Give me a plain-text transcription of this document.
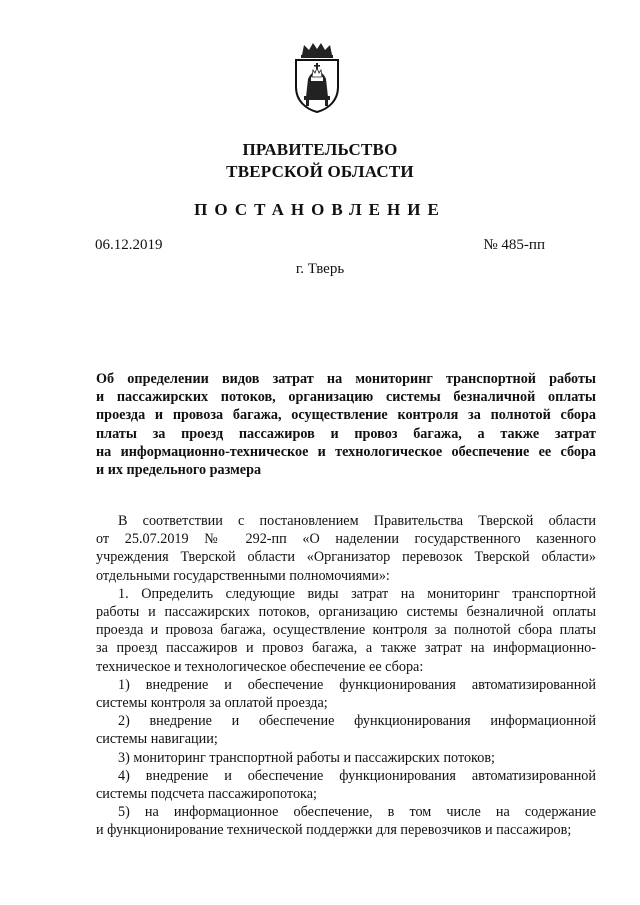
ПРАВИТЕЛЬСТВО
ТВЕРСКОЙ ОБЛАСТИ
ПОСТАНОВЛЕНИЕ
06.12.2019	№ 485-пп
г. Тверь
Об определении видов затрат на мониторинг транспортной работы
и пассажирских потоков, организацию системы безналичной оплаты
проезда и провоза багажа, осуществление контроля за полнотой сбора
платы за проезд пассажиров и провоз багажа, а также затрат
на информационно-техническое и технологическое обеспечение ее сбора
и их предельного размера
В соответствии с постановлением Правительства Тверской области
от 25.07.2019 № 292-пп «О наделении государственного казенного
учреждения Тверской области «Организатор перевозок Тверской области»
отдельными государственными полномочиями»:
1. Определить следующие виды затрат на мониторинг транспортной
работы и пассажирских потоков, организацию системы безналичной оплаты
проезда и провоза багажа, осуществление контроля за полнотой сбора платы
за проезд пассажиров и провоз багажа, а также затрат на информационно-
техническое и технологическое обеспечение ее сбора:
1) внедрение и обеспечение функционирования автоматизированной
системы контроля за оплатой проезда;
2) внедрение и обеспечение функционирования информационной
системы навигации;
3) мониторинг транспортной работы и пассажирских потоков;
4) внедрение и обеспечение функционирования автоматизированной
системы подсчета пассажиропотока;
5) на информационное обеспечение, в том числе на содержание
и функционирование технической поддержки для перевозчиков и пассажиров;
